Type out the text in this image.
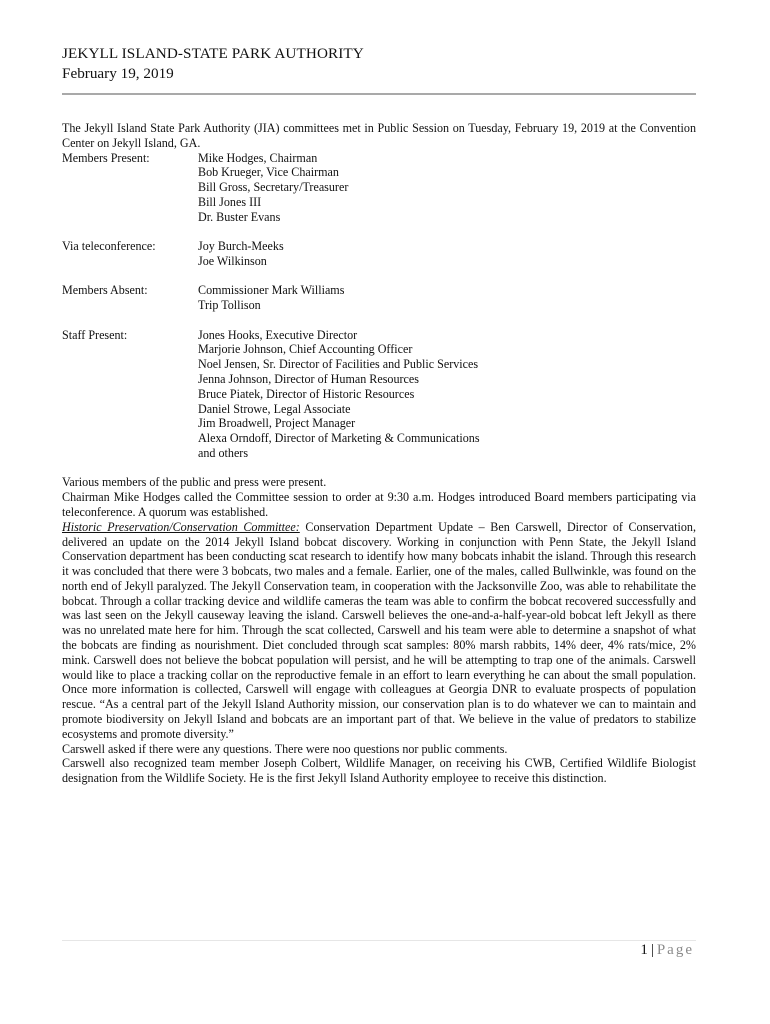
JEKYLL ISLAND-STATE PARK AUTHORITY
February 19, 2019

The Jekyll Island State Park Authority (JIA) committees met in Public Session on Tuesday, February 19, 2019 at the Convention Center on Jekyll Island, GA.

Members Present:	Mike Hodges, Chairman
Bob Krueger, Vice Chairman
Bill Gross, Secretary/Treasurer
Bill Jones III
Dr. Buster Evans
Via teleconference:	Joy Burch-Meeks
Joe Wilkinson
Members Absent:	Commissioner Mark Williams
Trip Tollison
Staff Present:	Jones Hooks, Executive Director
Marjorie Johnson, Chief Accounting Officer
Noel Jensen, Sr. Director of Facilities and Public Services
Jenna Johnson, Director of Human Resources
Bruce Piatek, Director of Historic Resources
Daniel Strowe, Legal Associate
Jim Broadwell, Project Manager
Alexa Orndoff, Director of Marketing & Communications
and others

Various members of the public and press were present.

Chairman Mike Hodges called the Committee session to order at 9:30 a.m. Hodges introduced Board members participating via teleconference. A quorum was established.

Historic Preservation/Conservation Committee: Conservation Department Update – Ben Carswell, Director of Conservation, delivered an update on the 2014 Jekyll Island bobcat discovery. Working in conjunction with Penn State, the Jekyll Island Conservation department has been conducting scat research to identify how many bobcats inhabit the island. Through this research it was concluded that there were 3 bobcats, two males and a female. Earlier, one of the males, called Bullwinkle, was found on the north end of Jekyll paralyzed. The Jekyll Conservation team, in cooperation with the Jacksonville Zoo, was able to rehabilitate the bobcat. Through a collar tracking device and wildlife cameras the team was able to confirm the bobcat recovered successfully and was last seen on the Jekyll causeway leaving the island. Carswell believes the one-and-a-half-year-old bobcat left Jekyll as there was no unrelated mate here for him. Through the scat collected, Carswell and his team were able to determine a snapshot of what the bobcats are finding as nourishment. Diet concluded through scat samples: 80% marsh rabbits, 14% deer, 4% rats/mice, 2% mink. Carswell does not believe the bobcat population will persist, and he will be attempting to trap one of the animals. Carswell would like to place a tracking collar on the reproductive female in an effort to learn everything he can about the small population. Once more information is collected, Carswell will engage with colleagues at Georgia DNR to evaluate prospects of population rescue. “As a central part of the Jekyll Island Authority mission, our conservation plan is to do whatever we can to maintain and promote biodiversity on Jekyll Island and bobcats are an important part of that. We believe in the value of predators to stabilize ecosystems and promote diversity.”

Carswell asked if there were any questions. There were noo questions nor public comments.

Carswell also recognized team member Joseph Colbert, Wildlife Manager, on receiving his CWB, Certified Wildlife Biologist designation from the Wildlife Society. He is the first Jekyll Island Authority employee to receive this distinction.

1 | Page
